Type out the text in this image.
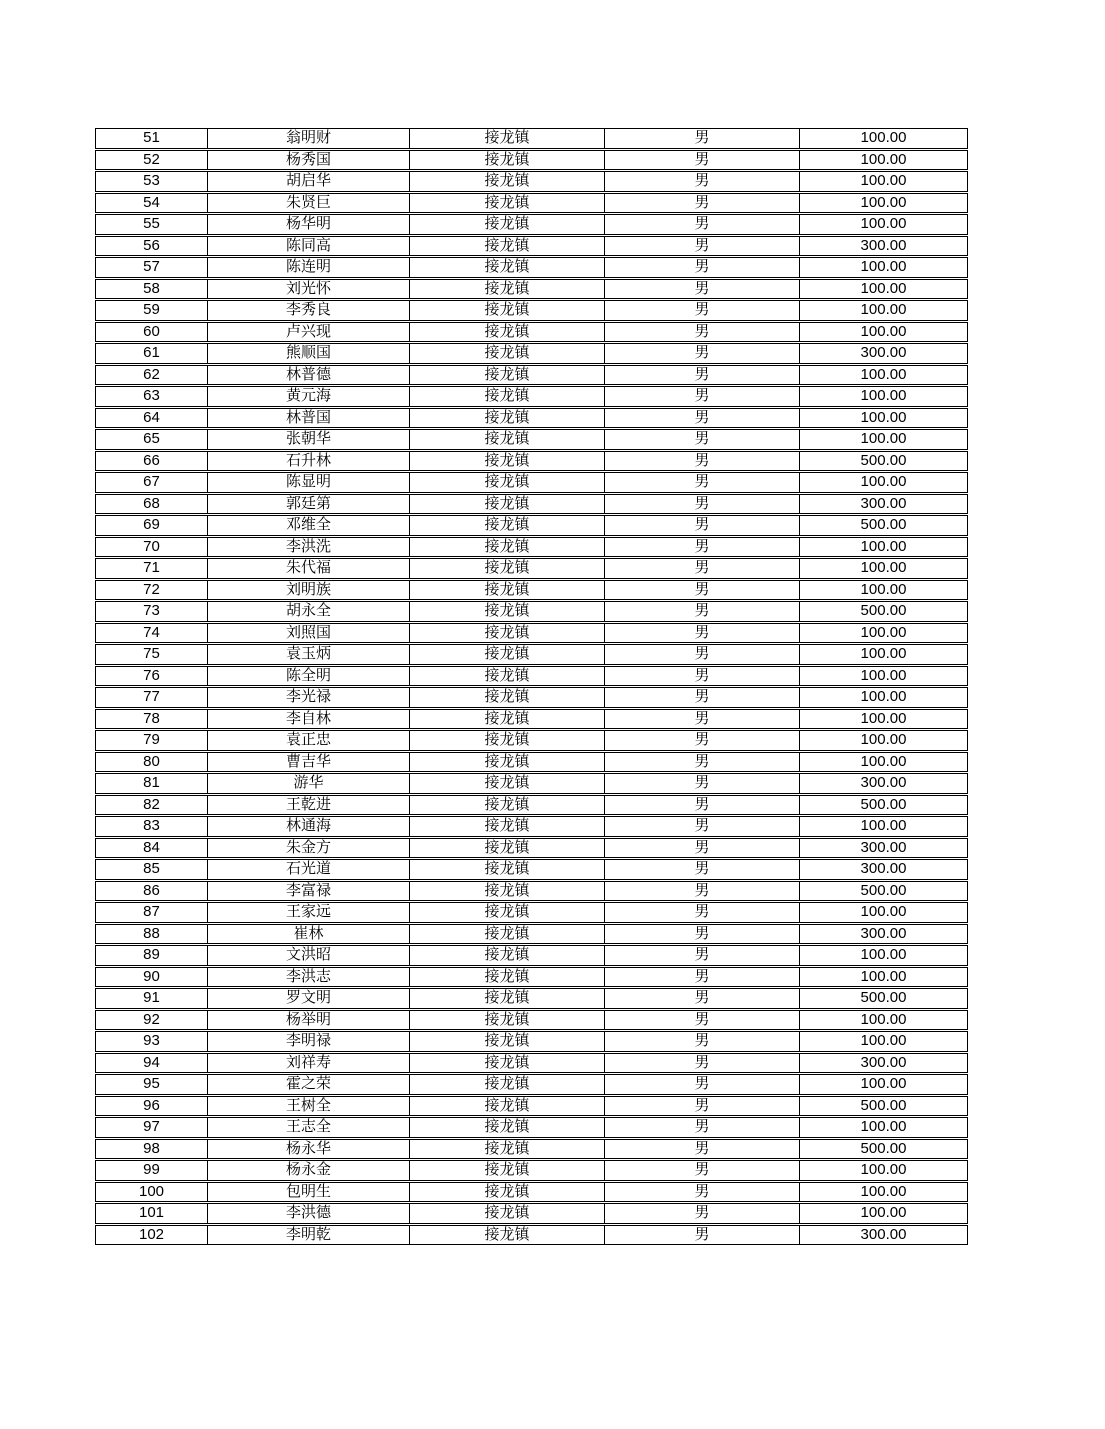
51	翁明财	接龙镇	男	100.00
52	杨秀国	接龙镇	男	100.00
53	胡启华	接龙镇	男	100.00
54	朱贤巨	接龙镇	男	100.00
55	杨华明	接龙镇	男	100.00
56	陈同高	接龙镇	男	300.00
57	陈连明	接龙镇	男	100.00
58	刘光怀	接龙镇	男	100.00
59	李秀良	接龙镇	男	100.00
60	卢兴现	接龙镇	男	100.00
61	熊顺国	接龙镇	男	300.00
62	林普德	接龙镇	男	100.00
63	黄元海	接龙镇	男	100.00
64	林普国	接龙镇	男	100.00
65	张朝华	接龙镇	男	100.00
66	石升林	接龙镇	男	500.00
67	陈显明	接龙镇	男	100.00
68	郭廷第	接龙镇	男	300.00
69	邓维全	接龙镇	男	500.00
70	李洪洗	接龙镇	男	100.00
71	朱代福	接龙镇	男	100.00
72	刘明族	接龙镇	男	100.00
73	胡永全	接龙镇	男	500.00
74	刘照国	接龙镇	男	100.00
75	袁玉炳	接龙镇	男	100.00
76	陈全明	接龙镇	男	100.00
77	李光禄	接龙镇	男	100.00
78	李自林	接龙镇	男	100.00
79	袁正忠	接龙镇	男	100.00
80	曹吉华	接龙镇	男	100.00
81	游华	接龙镇	男	300.00
82	王乾进	接龙镇	男	500.00
83	林通海	接龙镇	男	100.00
84	朱金方	接龙镇	男	300.00
85	石光道	接龙镇	男	300.00
86	李富禄	接龙镇	男	500.00
87	王家远	接龙镇	男	100.00
88	崔林	接龙镇	男	300.00
89	文洪昭	接龙镇	男	100.00
90	李洪志	接龙镇	男	100.00
91	罗文明	接龙镇	男	500.00
92	杨举明	接龙镇	男	100.00
93	李明禄	接龙镇	男	100.00
94	刘祥寿	接龙镇	男	300.00
95	霍之荣	接龙镇	男	100.00
96	王树全	接龙镇	男	500.00
97	王志全	接龙镇	男	100.00
98	杨永华	接龙镇	男	500.00
99	杨永金	接龙镇	男	100.00
100	包明生	接龙镇	男	100.00
101	李洪德	接龙镇	男	100.00
102	李明乾	接龙镇	男	300.00
